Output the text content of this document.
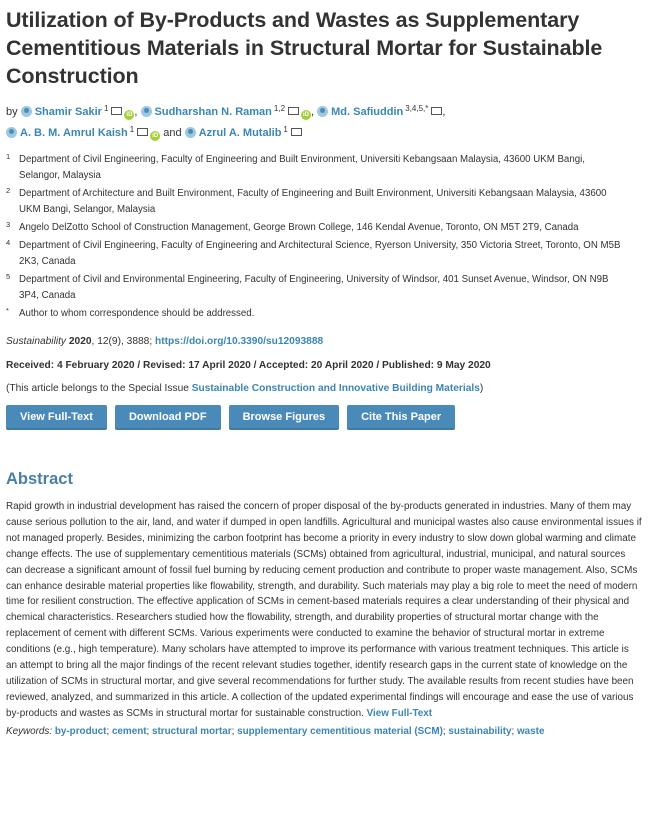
Utilization of By-Products and Wastes as Supplementary Cementitious Materials in Structural Mortar for Sustainable Construction
by Shamir Sakir $^1$iD , Sudharshan N. Raman $^{1,2}$iD , Md. Safiuddin $^{3,4,5,*}$ ,
A. B. M. Amrul Kaish $^1$iD and Azrul A. Mutalib $^1$
1 Department of Civil Engineering, Faculty of Engineering and Built Environment, Universiti Kebangsaan Malaysia, 43600 UKM Bangi, Selangor, Malaysia
2 Department of Architecture and Built Environment, Faculty of Engineering and Built Environment, Universiti Kebangsaan Malaysia, 43600 UKM Bangi, Selangor, Malaysia
3 Angelo DelZotto School of Construction Management, George Brown College, 146 Kendal Avenue, Toronto, ON M5T 2T9, Canada
4 Department of Civil Engineering, Faculty of Engineering and Architectural Science, Ryerson University, 350 Victoria Street, Toronto, ON M5B 2K3, Canada
5 Department of Civil and Environmental Engineering, Faculty of Engineering, University of Windsor, 401 Sunset Avenue, Windsor, ON N9B 3P4, Canada
* Author to whom correspondence should be addressed.
Sustainability 2020, 12(9), 3888; https://doi.org/10.3390/su12093888
Received: 4 February 2020 / Revised: 17 April 2020 / Accepted: 20 April 2020 / Published: 9 May 2020
(This article belongs to the Special Issue Sustainable Construction and Innovative Building Materials)
View Full-Text	Download PDF	Browse Figures	Cite This Paper
Abstract
Rapid growth in industrial development has raised the concern of proper disposal of the by-products generated in industries. Many of them may cause serious pollution to the air, land, and water if dumped in open landfills. Agricultural and municipal wastes also cause environmental issues if not managed properly. Besides, minimizing the carbon footprint has become a priority in every industry to slow down global warming and climate change effects. The use of supplementary cementitious materials (SCMs) obtained from agricultural, industrial, municipal, and natural sources can decrease a significant amount of fossil fuel burning by reducing cement production and contribute to proper waste management. Also, SCMs can enhance desirable material properties like flowability, strength, and durability. Such materials may play a big role to meet the need of modern time for resilient construction. The effective application of SCMs in cement-based materials requires a clear understanding of their physical and chemical characteristics. Researchers studied how the flowability, strength, and durability properties of structural mortar change with the replacement of cement with different SCMs. Various experiments were conducted to examine the behavior of structural mortar in extreme conditions (e.g., high temperature). Many scholars have attempted to improve its performance with various treatment techniques. This article is an attempt to bring all the major findings of the recent relevant studies together, identify research gaps in the current state of knowledge on the utilization of SCMs in structural mortar, and give several recommendations for further study. The available results from recent studies have been reviewed, analyzed, and summarized in this article. A collection of the updated experimental findings will encourage and ease the use of various by-products and wastes as SCMs in structural mortar for sustainable construction. View Full-Text
Keywords: by-product; cement; structural mortar; supplementary cementitious material (SCM); sustainability; waste
